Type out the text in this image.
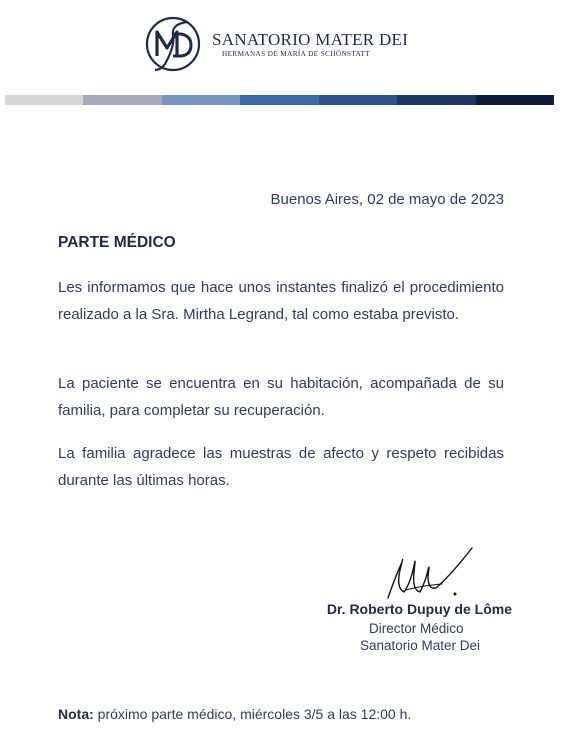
SANATORIO MATER DEI
HERMANAS DE MARÍA DE SCHÖNSTATT
Buenos Aires, 02 de mayo de 2023
PARTE MÉDICO
Les informamos que hace unos instantes finalizó el procedimiento realizado a la Sra. Mirtha Legrand, tal como estaba previsto.
La paciente se encuentra en su habitación, acompañada de su familia, para completar su recuperación.
La familia agradece las muestras de afecto y respeto recibidas durante las últimas horas.
Dr. Roberto Dupuy de Lôme
Director Médico
Sanatorio Mater Dei
Nota: próximo parte médico, miércoles 3/5 a las 12:00 h.
